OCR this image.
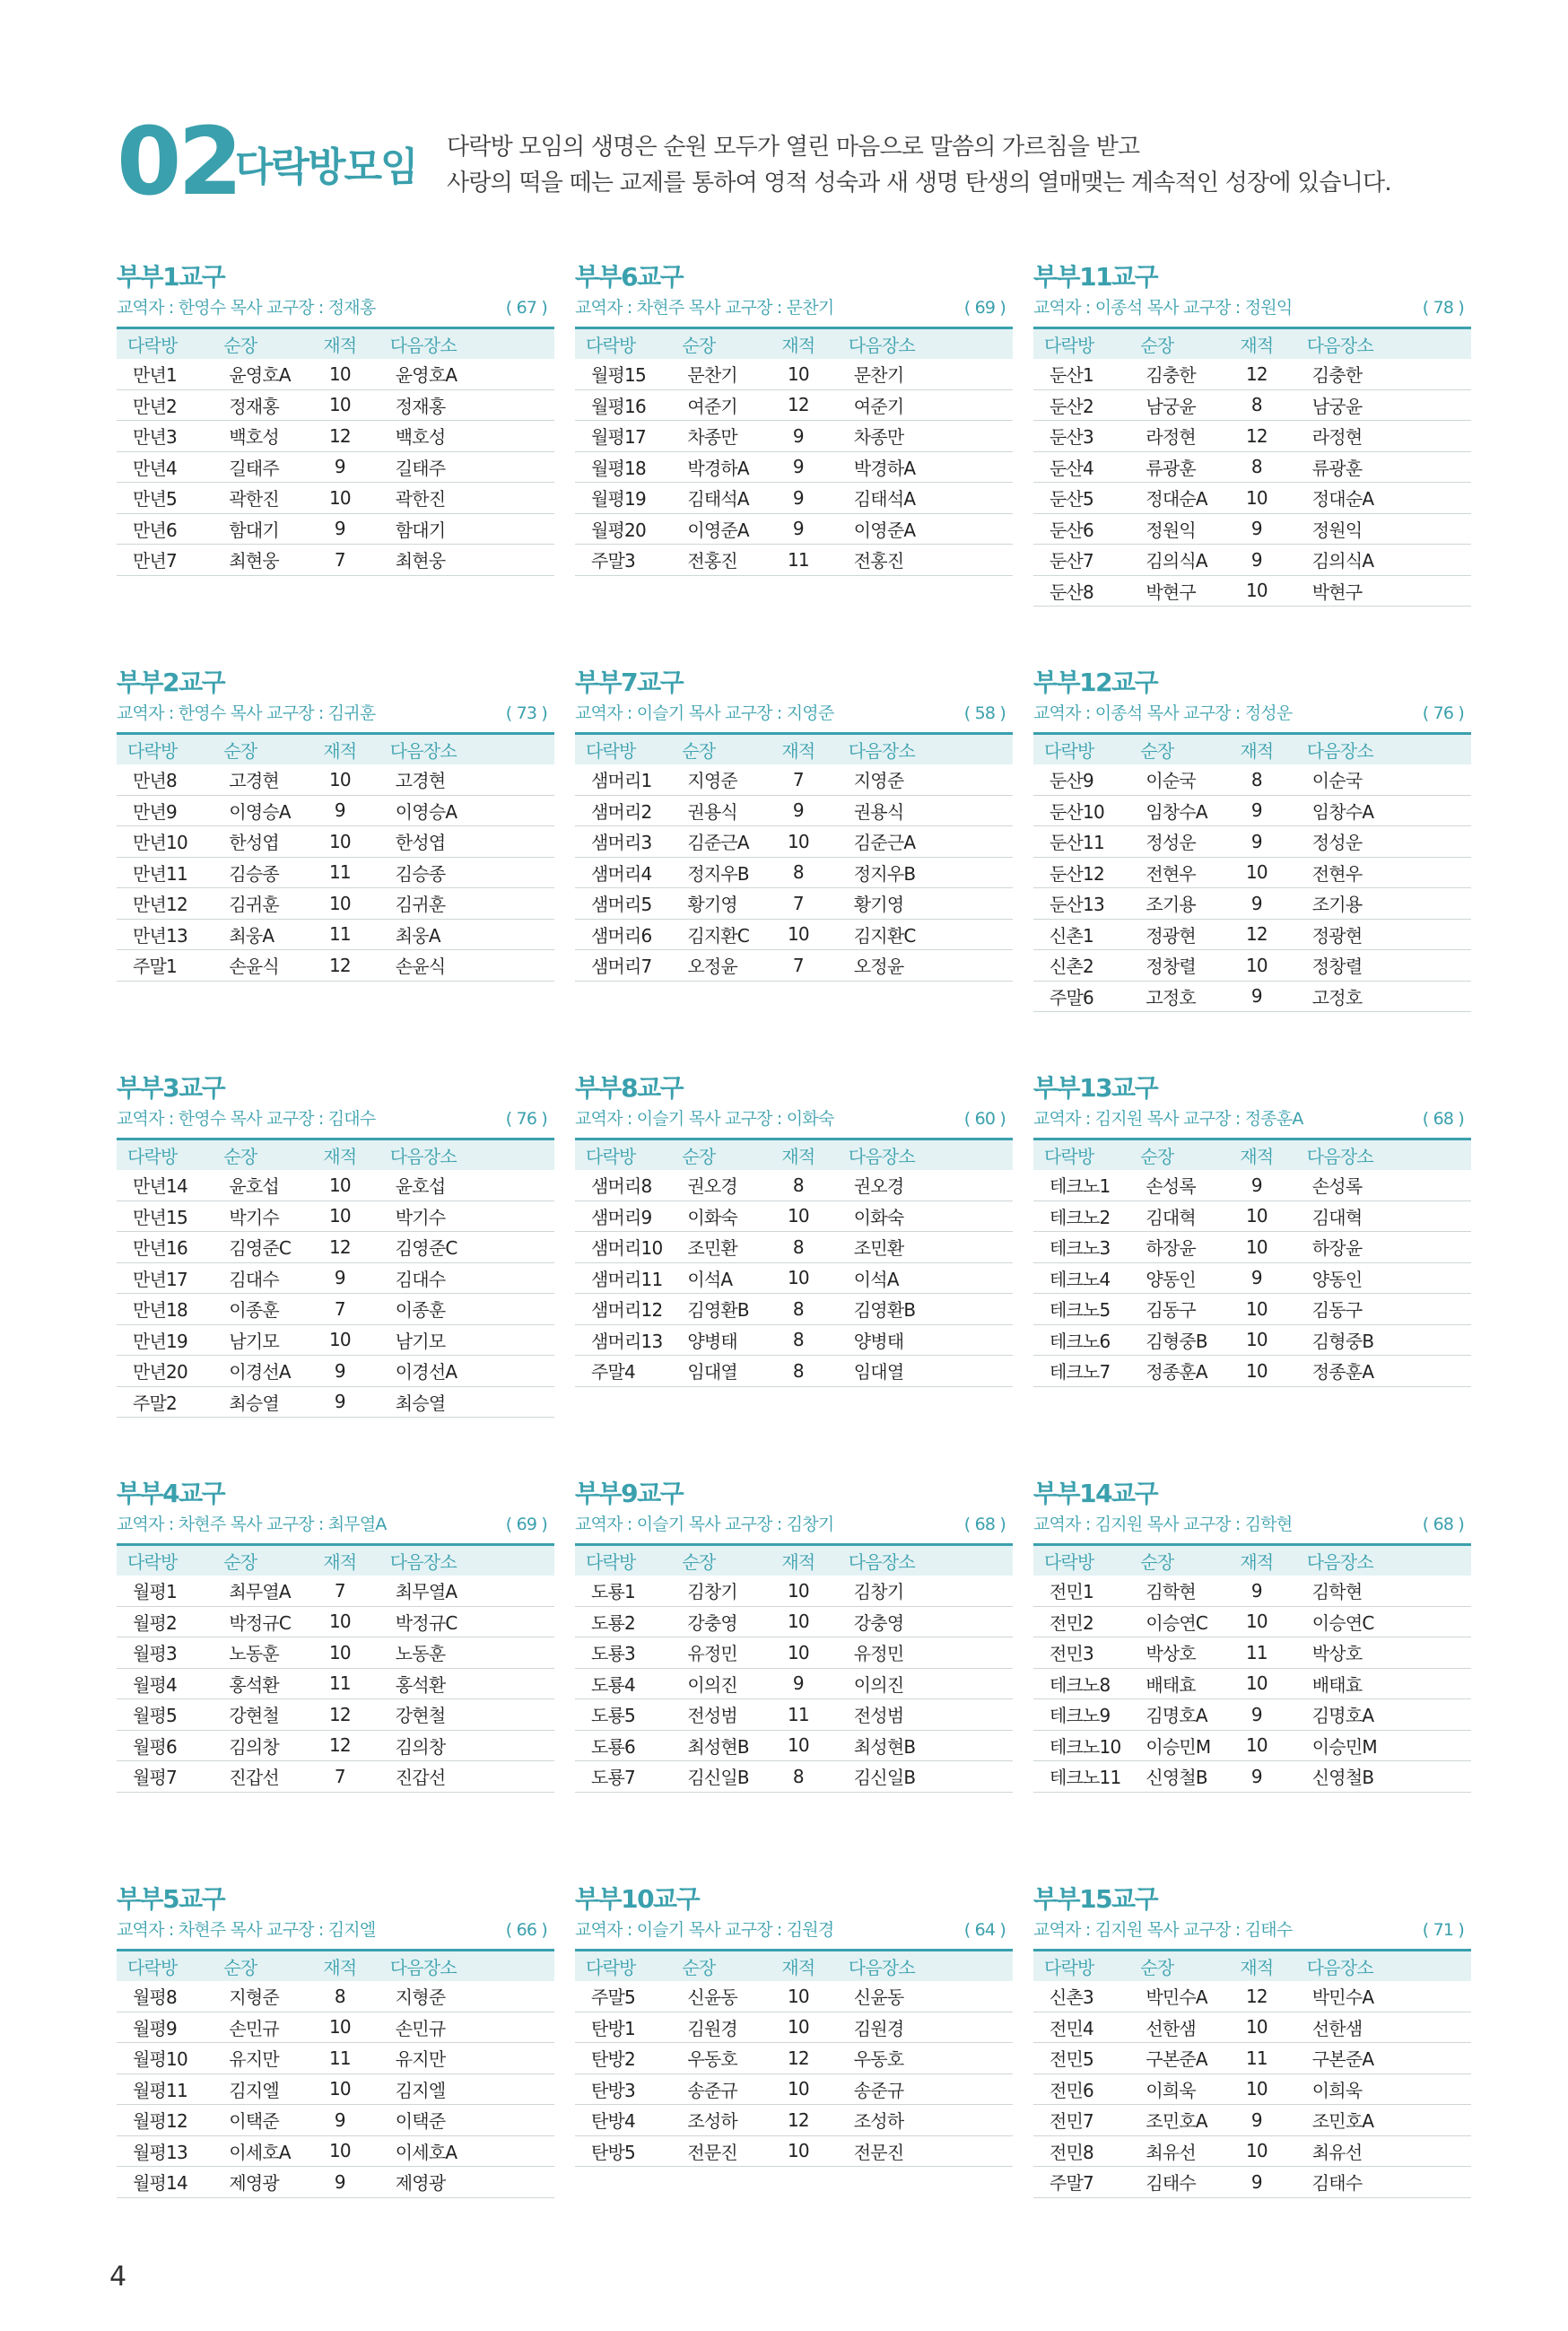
02
다락방모임 다락방 모임의 생명은 순원 모두가 열린 마음으로 말씀의 가르침을 받고
사랑의 떡을 떼는 교제를 통하여 영적 성숙과 새 생명 탄생의 열매맺는 계속적인 성장에 있습니다.
부부1교구
교역자 : 한영수 목사 교구장 : 정재홍	( 67 )
다락방	순장	재적	다음장소
만년1	윤영호A	10	윤영호A
만년2	정재홍	10	정재홍
만년3	백호성	12	백호성
만년4	길태주	9	길태주
만년5	곽한진	10	곽한진
만년6	함대기	9	함대기
만년7	최현웅	7	최현웅
부부6교구
교역자 : 차현주 목사 교구장 : 문찬기	( 69 )
다락방	순장	재적	다음장소
월평15	문찬기	10	문찬기
월평16	여준기	12	여준기
월평17	차종만	9	차종만
월평18	박경하A	9	박경하A
월평19	김태석A	9	김태석A
월평20	이영준A	9	이영준A
주말3	전홍진	11	전홍진
부부11교구
교역자 : 이종석 목사 교구장 : 정원익	( 78 )
다락방	순장	재적	다음장소
둔산1	김충한	12	김충한
둔산2	남궁윤	8	남궁윤
둔산3	라정현	12	라정현
둔산4	류광훈	8	류광훈
둔산5	정대순A	10	정대순A
둔산6	정원익	9	정원익
둔산7	김의식A	9	김의식A
둔산8	박현구	10	박현구
부부2교구
교역자 : 한영수 목사 교구장 : 김귀훈	( 73 )
다락방	순장	재적	다음장소
만년8	고경현	10	고경현
만년9	이영승A	9	이영승A
만년10	한성엽	10	한성엽
만년11	김승종	11	김승종
만년12	김귀훈	10	김귀훈
만년13	최웅A	11	최웅A
주말1	손윤식	12	손윤식
부부7교구
교역자 : 이슬기 목사 교구장 : 지영준	( 58 )
다락방	순장	재적	다음장소
샘머리1	지영준	7	지영준
샘머리2	권용식	9	권용식
샘머리3	김준근A	10	김준근A
샘머리4	정지우B	8	정지우B
샘머리5	황기영	7	황기영
샘머리6	김지환C	10	김지환C
샘머리7	오정윤	7	오정윤
부부12교구
교역자 : 이종석 목사 교구장 : 정성운	( 76 )
다락방	순장	재적	다음장소
둔산9	이순국	8	이순국
둔산10	임창수A	9	임창수A
둔산11	정성운	9	정성운
둔산12	전현우	10	전현우
둔산13	조기용	9	조기용
신촌1	정광현	12	정광현
신촌2	정창렬	10	정창렬
주말6	고정호	9	고정호
부부3교구
교역자 : 한영수 목사 교구장 : 김대수	( 76 )
다락방	순장	재적	다음장소
만년14	윤호섭	10	윤호섭
만년15	박기수	10	박기수
만년16	김영준C	12	김영준C
만년17	김대수	9	김대수
만년18	이종훈	7	이종훈
만년19	남기모	10	남기모
만년20	이경선A	9	이경선A
주말2	최승열	9	최승열
부부8교구
교역자 : 이슬기 목사 교구장 : 이화숙	( 60 )
다락방	순장	재적	다음장소
샘머리8	권오경	8	권오경
샘머리9	이화숙	10	이화숙
샘머리10	조민환	8	조민환
샘머리11	이석A	10	이석A
샘머리12	김영환B	8	김영환B
샘머리13	양병태	8	양병태
주말4	임대열	8	임대열
부부13교구
교역자 : 김지원 목사 교구장 : 정종훈A	( 68 )
다락방	순장	재적	다음장소
테크노1	손성록	9	손성록
테크노2	김대혁	10	김대혁
테크노3	하장윤	10	하장윤
테크노4	양동인	9	양동인
테크노5	김동구	10	김동구
테크노6	김형중B	10	김형중B
테크노7	정종훈A	10	정종훈A
부부4교구
교역자 : 차현주 목사 교구장 : 최무열A	( 69 )
다락방	순장	재적	다음장소
월평1	최무열A	7	최무열A
월평2	박정규C	10	박정규C
월평3	노동훈	10	노동훈
월평4	홍석환	11	홍석환
월평5	강현철	12	강현철
월평6	김의창	12	김의창
월평7	진갑선	7	진갑선
부부9교구
교역자 : 이슬기 목사 교구장 : 김창기	( 68 )
다락방	순장	재적	다음장소
도룡1	김창기	10	김창기
도룡2	강충영	10	강충영
도룡3	유정민	10	유정민
도룡4	이의진	9	이의진
도룡5	전성범	11	전성범
도룡6	최성현B	10	최성현B
도룡7	김신일B	8	김신일B
부부14교구
교역자 : 김지원 목사 교구장 : 김학현	( 68 )
다락방	순장	재적	다음장소
전민1	김학현	9	김학현
전민2	이승연C	10	이승연C
전민3	박상호	11	박상호
테크노8	배태효	10	배태효
테크노9	김명호A	9	김명호A
테크노10	이승민M	10	이승민M
테크노11	신영철B	9	신영철B
부부5교구
교역자 : 차현주 목사 교구장 : 김지엘	( 66 )
다락방	순장	재적	다음장소
월평8	지형준	8	지형준
월평9	손민규	10	손민규
월평10	유지만	11	유지만
월평11	김지엘	10	김지엘
월평12	이택준	9	이택준
월평13	이세호A	10	이세호A
월평14	제영광	9	제영광
부부10교구
교역자 : 이슬기 목사 교구장 : 김원경	( 64 )
다락방	순장	재적	다음장소
주말5	신윤동	10	신윤동
탄방1	김원경	10	김원경
탄방2	우동호	12	우동호
탄방3	송준규	10	송준규
탄방4	조성하	12	조성하
탄방5	전문진	10	전문진
부부15교구
교역자 : 김지원 목사 교구장 : 김태수	( 71 )
다락방	순장	재적	다음장소
신촌3	박민수A	12	박민수A
전민4	선한샘	10	선한샘
전민5	구본준A	11	구본준A
전민6	이희욱	10	이희욱
전민7	조민호A	9	조민호A
전민8	최유선	10	최유선
주말7	김태수	9	김태수
4
